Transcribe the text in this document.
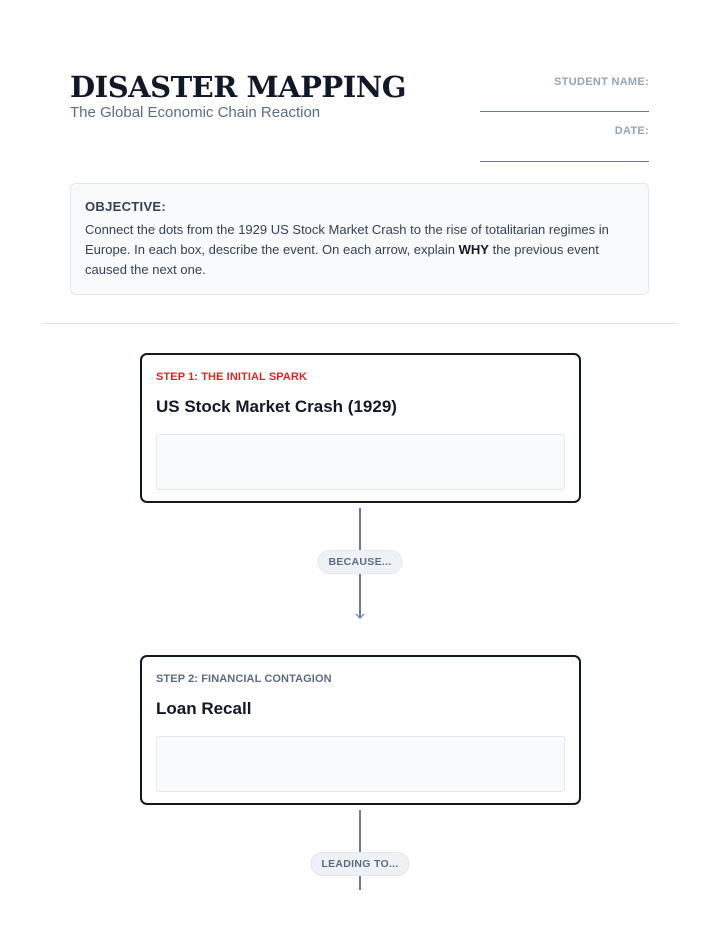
DISASTER MAPPING
The Global Economic Chain Reaction
STUDENT NAME:
DATE:
OBJECTIVE:
Connect the dots from the 1929 US Stock Market Crash to the rise of totalitarian regimes in Europe. In each box, describe the event. On each arrow, explain WHY the previous event caused the next one.
STEP 1: THE INITIAL SPARK
US Stock Market Crash (1929)
BECAUSE...
STEP 2: FINANCIAL CONTAGION
Loan Recall
LEADING TO...
